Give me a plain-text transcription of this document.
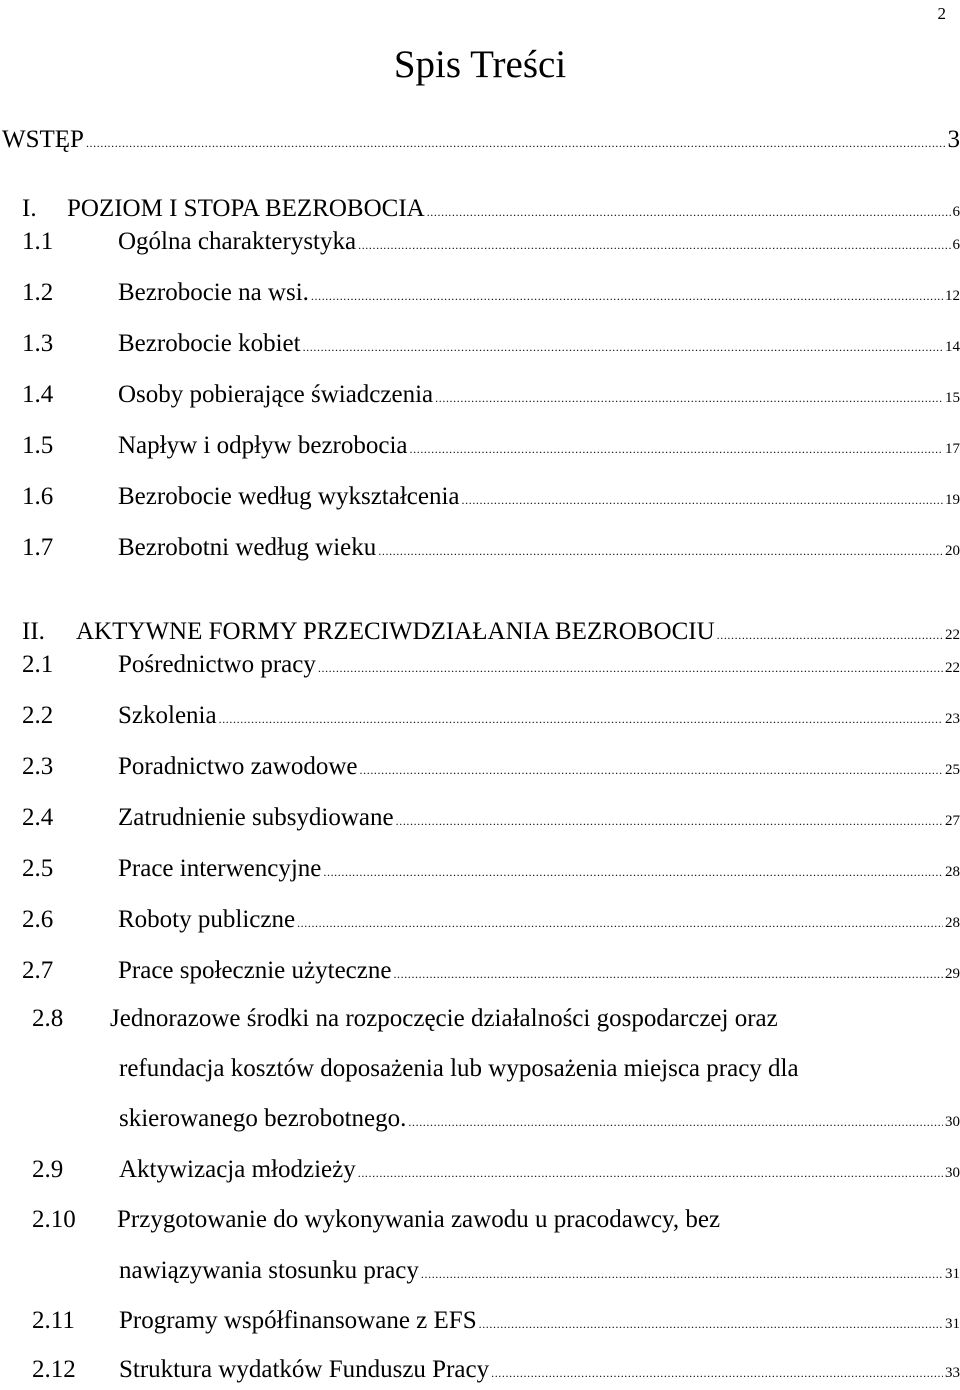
2
Spis Treści
WSTĘP .....	3
I.	POZIOM I STOPA BEZROBOCIA .....	6
1.1	Ogólna charakterystyka .....	6
1.2	Bezrobocie na wsi. .....	12
1.3	Bezrobocie kobiet .....	14
1.4	Osoby pobierające świadczenia .....	15
1.5	Napływ i odpływ bezrobocia .....	17
1.6	Bezrobocie według wykształcenia .....	19
1.7	Bezrobotni według wieku .....	20
II.	AKTYWNE FORMY PRZECIWDZIAŁANIA BEZROBOCIU .....	22
2.1	Pośrednictwo pracy .....	22
2.2	Szkolenia .....	23
2.3	Poradnictwo zawodowe .....	25
2.4	Zatrudnienie subsydiowane .....	27
2.5	Prace interwencyjne .....	28
2.6	Roboty publiczne .....	28
2.7	Prace społecznie użyteczne .....	29
2.8 Jednorazowe środki na rozpoczęcie działalności gospodarczej oraz
refundacja kosztów doposażenia lub wyposażenia miejsca pracy dla
skierowanego bezrobotnego. .....	30
2.9	Aktywizacja młodzieży .....	30
2.10 Przygotowanie do wykonywania zawodu u pracodawcy, bez
nawiązywania stosunku pracy .....	31
2.11	Programy współfinansowane z EFS .....	31
2.12	Struktura wydatków Funduszu Pracy .....	33
